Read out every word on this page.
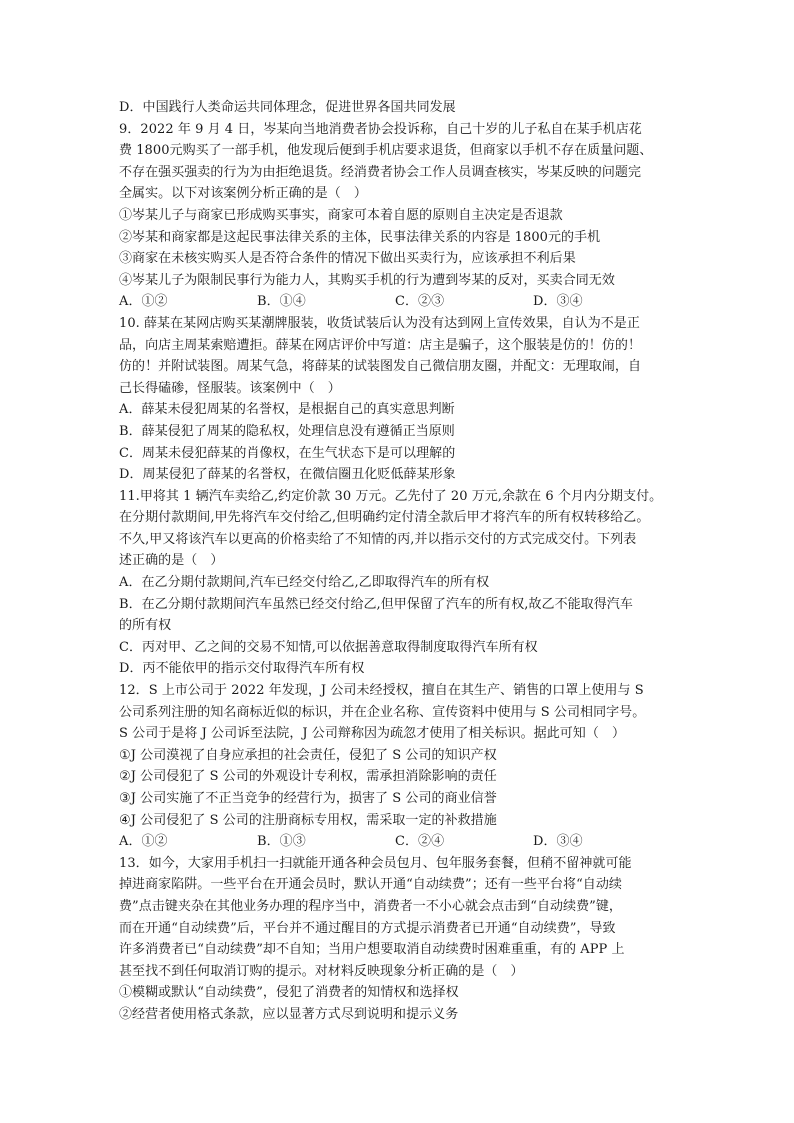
D．中国践行人类命运共同体理念，促进世界各国共同发展
9．2022 年 9 月 4 日，岑某向当地消费者协会投诉称，自己十岁的儿子私自在某手机店花
费 1800元购买了一部手机，他发现后便到手机店要求退货，但商家以手机不存在质量问题、
不存在强买强卖的行为为由拒绝退货。经消费者协会工作人员调查核实，岑某反映的问题完
全属实。以下对该案例分析正确的是（　）
①岑某儿子与商家已形成购买事实，商家可本着自愿的原则自主决定是否退款
②岑某和商家都是这起民事法律关系的主体，民事法律关系的内容是 1800元的手机
③商家在未核实购买人是否符合条件的情况下做出买卖行为，应该承担不利后果
④岑某儿子为限制民事行为能力人，其购买手机的行为遭到岑某的反对，买卖合同无效
A．①②	B．①④	C．②③	D．③④
10. 薛某在某网店购买某潮牌服装，收货试装后认为没有达到网上宣传效果，自认为不是正
品，向店主周某索赔遭拒。薛某在网店评价中写道：店主是骗子，这个服装是仿的！仿的！
仿的！并附试装图。周某气急，将薛某的试装图发自己微信朋友圈，并配文：无理取闹，自
己长得磕碜，怪服装。该案例中（　）
A．薛某未侵犯周某的名誉权，是根据自己的真实意思判断
B．薛某侵犯了周某的隐私权，处理信息没有遵循正当原则
C．周某未侵犯薛某的肖像权，在生气状态下是可以理解的
D．周某侵犯了薛某的名誉权，在微信圈丑化贬低薛某形象
11.甲将其 1 辆汽车卖给乙,约定价款 30 万元。乙先付了 20 万元,余款在 6 个月内分期支付。
在分期付款期间,甲先将汽车交付给乙,但明确约定付清全款后甲才将汽车的所有权转移给乙。
不久,甲又将该汽车以更高的价格卖给了不知情的丙,并以指示交付的方式完成交付。下列表
述正确的是（　）
A．在乙分期付款期间,汽车已经交付给乙,乙即取得汽车的所有权
B．在乙分期付款期间汽车虽然已经交付给乙,但甲保留了汽车的所有权,故乙不能取得汽车
的所有权
C．丙对甲、乙之间的交易不知情,可以依据善意取得制度取得汽车所有权
D．丙不能依甲的指示交付取得汽车所有权
12．S 上市公司于 2022 年发现，J 公司未经授权，擅自在其生产、销售的口罩上使用与 S
公司系列注册的知名商标近似的标识，并在企业名称、宣传资料中使用与 S 公司相同字号。
S 公司于是将 J 公司诉至法院，J 公司辩称因为疏忽才使用了相关标识。据此可知（　）
①J 公司漠视了自身应承担的社会责任，侵犯了 S 公司的知识产权
②J 公司侵犯了 S 公司的外观设计专利权，需承担消除影响的责任
③J 公司实施了不正当竞争的经营行为，损害了 S 公司的商业信誉
④J 公司侵犯了 S 公司的注册商标专用权，需采取一定的补救措施
A．①②	B．①③	C．②④	D．③④
13．如今，大家用手机扫一扫就能开通各种会员包月、包年服务套餐，但稍不留神就可能
掉进商家陷阱。一些平台在开通会员时，默认开通“自动续费”；还有一些平台将“自动续
费”点击键夹杂在其他业务办理的程序当中，消费者一不小心就会点击到“自动续费”键，
而在开通“自动续费”后，平台并不通过醒目的方式提示消费者已开通“自动续费”，导致
许多消费者已“自动续费”却不自知；当用户想要取消自动续费时困难重重，有的 APP 上
甚至找不到任何取消订购的提示。对材料反映现象分析正确的是（　）
①模糊或默认“自动续费”，侵犯了消费者的知情权和选择权
②经营者使用格式条款，应以显著方式尽到说明和提示义务
